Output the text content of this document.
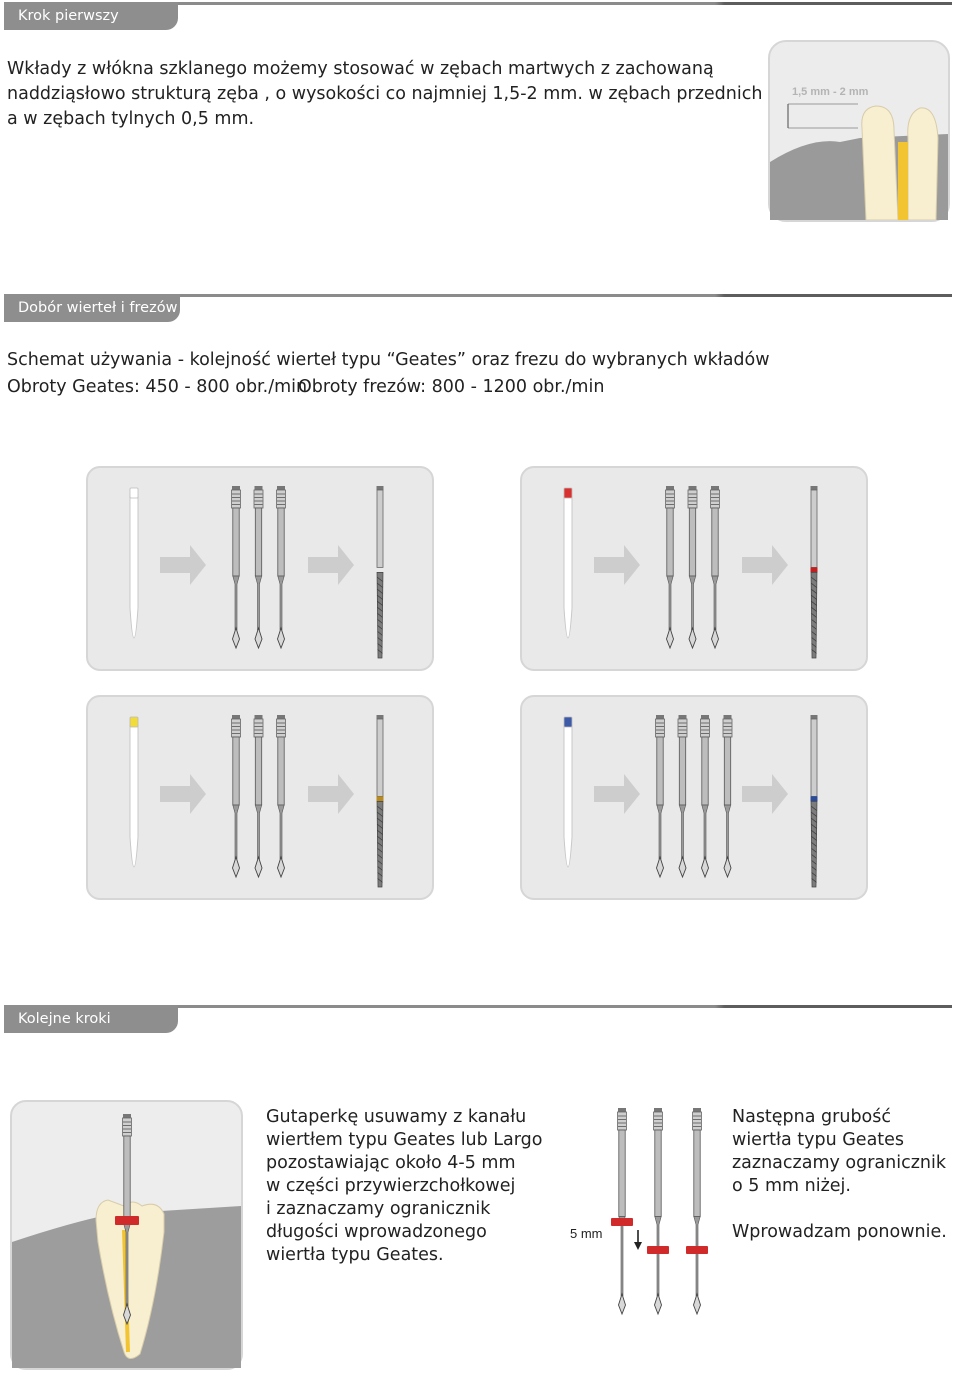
Krok pierwszy

Wkłady z włókna szklanego możemy stosować w zębach martwych z zachowaną
naddziąsłowo strukturą zęba , o wysokości co najmniej 1,5-2 mm. w zębach przednich
a w zębach tylnych 0,5 mm.

1,5 mm - 2 mm
Dobór wierteł i frezów

Schemat używania - kolejność wierteł typu “Geates” oraz frezu do wybranych wkładów

Obroty Geates: 450 - 800 obr./min

Obroty frezów: 800 - 1200 obr./min

Kolejne kroki

Gutaperkę usuwamy z kanału
wiertłem typu Geates lub Largo
pozostawiając około 4-5 mm
w części przywierzchołkowej
i zaznaczamy ogranicznik
długości wprowadzonego
wiertła typu Geates.

5 mm

Następna grubość
wiertła typu Geates
zaznaczamy ogranicznik
o 5 mm niżej.

Wprowadzam ponownie.
